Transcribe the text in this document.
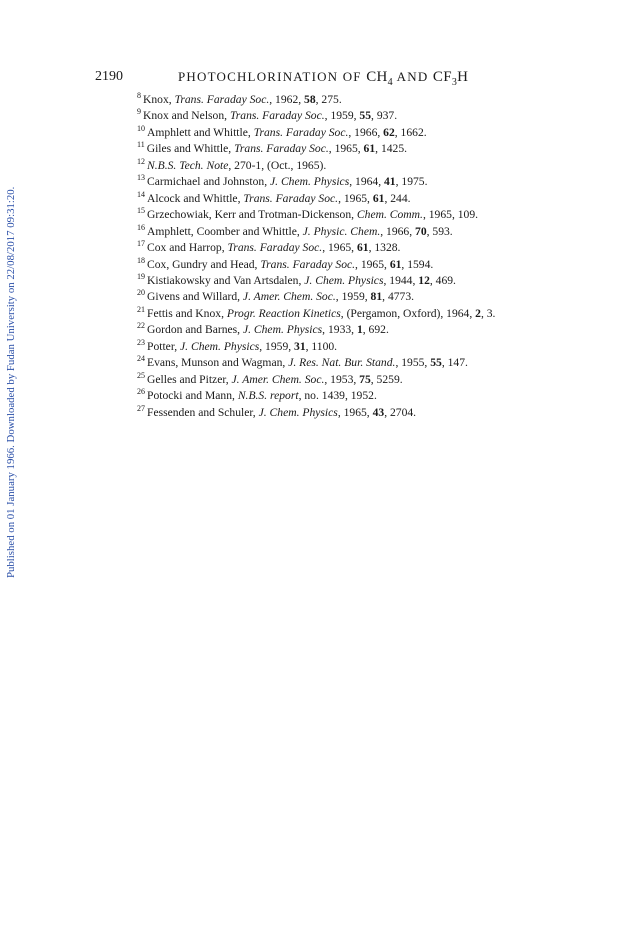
2190	PHOTOCHLORINATION OF $CH_4$ AND $CF_3H$
$^8$ Knox, Trans. Faraday Soc., 1962, 58, 275.
$^9$ Knox and Nelson, Trans. Faraday Soc., 1959, 55, 937.
$^{10}$ Amphlett and Whittle, Trans. Faraday Soc., 1966, 62, 1662.
$^{11}$ Giles and Whittle, Trans. Faraday Soc., 1965, 61, 1425.
$^{12}$ N.B.S. Tech. Note, 270-1, (Oct., 1965).
$^{13}$ Carmichael and Johnston, J. Chem. Physics, 1964, 41, 1975.
$^{14}$ Alcock and Whittle, Trans. Faraday Soc., 1965, 61, 244.
$^{15}$ Grzechowiak, Kerr and Trotman-Dickenson, Chem. Comm., 1965, 109.
$^{16}$ Amphlett, Coomber and Whittle, J. Physic. Chem., 1966, 70, 593.
$^{17}$ Cox and Harrop, Trans. Faraday Soc., 1965, 61, 1328.
$^{18}$ Cox, Gundry and Head, Trans. Faraday Soc., 1965, 61, 1594.
$^{19}$ Kistiakowsky and Van Artsdalen, J. Chem. Physics, 1944, 12, 469.
$^{20}$ Givens and Willard, J. Amer. Chem. Soc., 1959, 81, 4773.
$^{21}$ Fettis and Knox, Progr. Reaction Kinetics, (Pergamon, Oxford), 1964, 2, 3.
$^{22}$ Gordon and Barnes, J. Chem. Physics, 1933, 1, 692.
$^{23}$ Potter, J. Chem. Physics, 1959, 31, 1100.
$^{24}$ Evans, Munson and Wagman, J. Res. Nat. Bur. Stand., 1955, 55, 147.
$^{25}$ Gelles and Pitzer, J. Amer. Chem. Soc., 1953, 75, 5259.
$^{26}$ Potocki and Mann, N.B.S. report, no. 1439, 1952.
$^{27}$ Fessenden and Schuler, J. Chem. Physics, 1965, 43, 2704.
Published on 01 January 1966. Downloaded by Fudan University on 22/08/2017 09:31:20.
